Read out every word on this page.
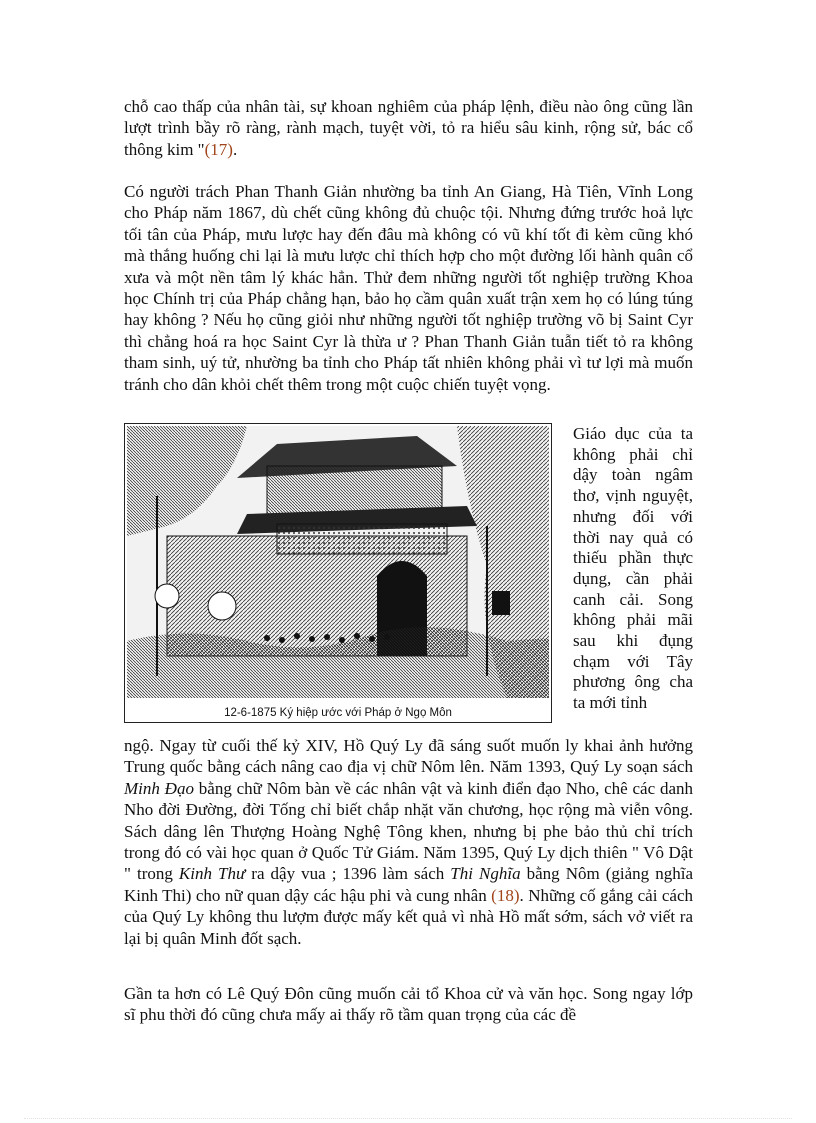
chỗ cao thấp của nhân tài, sự khoan nghiêm của pháp lệnh, điều nào ông cũng lần lượt trình bầy rõ ràng, rành mạch, tuyệt vời, tỏ ra hiểu sâu kinh, rộng sử, bác cổ thông kim "(17).

Có người trách Phan Thanh Giản nhường ba tỉnh An Giang, Hà Tiên, Vĩnh Long cho Pháp năm 1867, dù chết cũng không đủ chuộc tội. Nhưng đứng trước hoả lực tối tân của Pháp, mưu lược hay đến đâu mà không có vũ khí tốt đi kèm cũng khó mà thắng huống chi lại là mưu lược chỉ thích hợp cho một đường lối hành quân cổ xưa và một nền tâm lý khác hẳn. Thử đem những người tốt nghiệp trường Khoa học Chính trị của Pháp chẳng hạn, bảo họ cầm quân xuất trận xem họ có lúng túng hay không ? Nếu họ cũng giỏi như những người tốt nghiệp trường võ bị Saint Cyr thì chẳng hoá ra học Saint Cyr là thừa ư ? Phan Thanh Giản tuẫn tiết tỏ ra không tham sinh, uý tử, nhường ba tỉnh cho Pháp tất nhiên không phải vì tư lợi mà muốn tránh cho dân khỏi chết thêm trong một cuộc chiến tuyệt vọng.

12-6-1875 Ký hiệp ước với Pháp ở Ngọ Môn

Giáo dục của ta không phải chỉ dậy toàn ngâm thơ, vịnh nguyệt, nhưng đối với thời nay quả có thiếu phần thực dụng, cần phải canh cải. Song không phải mãi sau khi đụng chạm với Tây phương ông cha ta mới tỉnh

ngộ. Ngay từ cuối thế kỷ XIV, Hồ Quý Ly đã sáng suốt muốn ly khai ảnh hưởng Trung quốc bằng cách nâng cao địa vị chữ Nôm lên. Năm 1393, Quý Ly soạn sách Minh Đạo bằng chữ Nôm bàn về các nhân vật và kinh điển đạo Nho, chê các danh Nho đời Đường, đời Tống chỉ biết chắp nhặt văn chương, học rộng mà viễn vông. Sách dâng lên Thượng Hoàng Nghệ Tông khen, nhưng bị phe bảo thủ chỉ trích trong đó có vài học quan ở Quốc Tử Giám. Năm 1395, Quý Ly dịch thiên " Vô Dật " trong Kinh Thư ra dậy vua ; 1396 làm sách Thi Nghĩa bằng Nôm (giảng nghĩa Kinh Thi) cho nữ quan dậy các hậu phi và cung nhân (18). Những cố gắng cải cách của Quý Ly không thu lượm được mấy kết quả vì nhà Hồ mất sớm, sách vở viết ra lại bị quân Minh đốt sạch.

Gần ta hơn có Lê Quý Đôn cũng muốn cải tổ Khoa cử và văn học. Song ngay lớp sĩ phu thời đó cũng chưa mấy ai thấy rõ tầm quan trọng của các đề
